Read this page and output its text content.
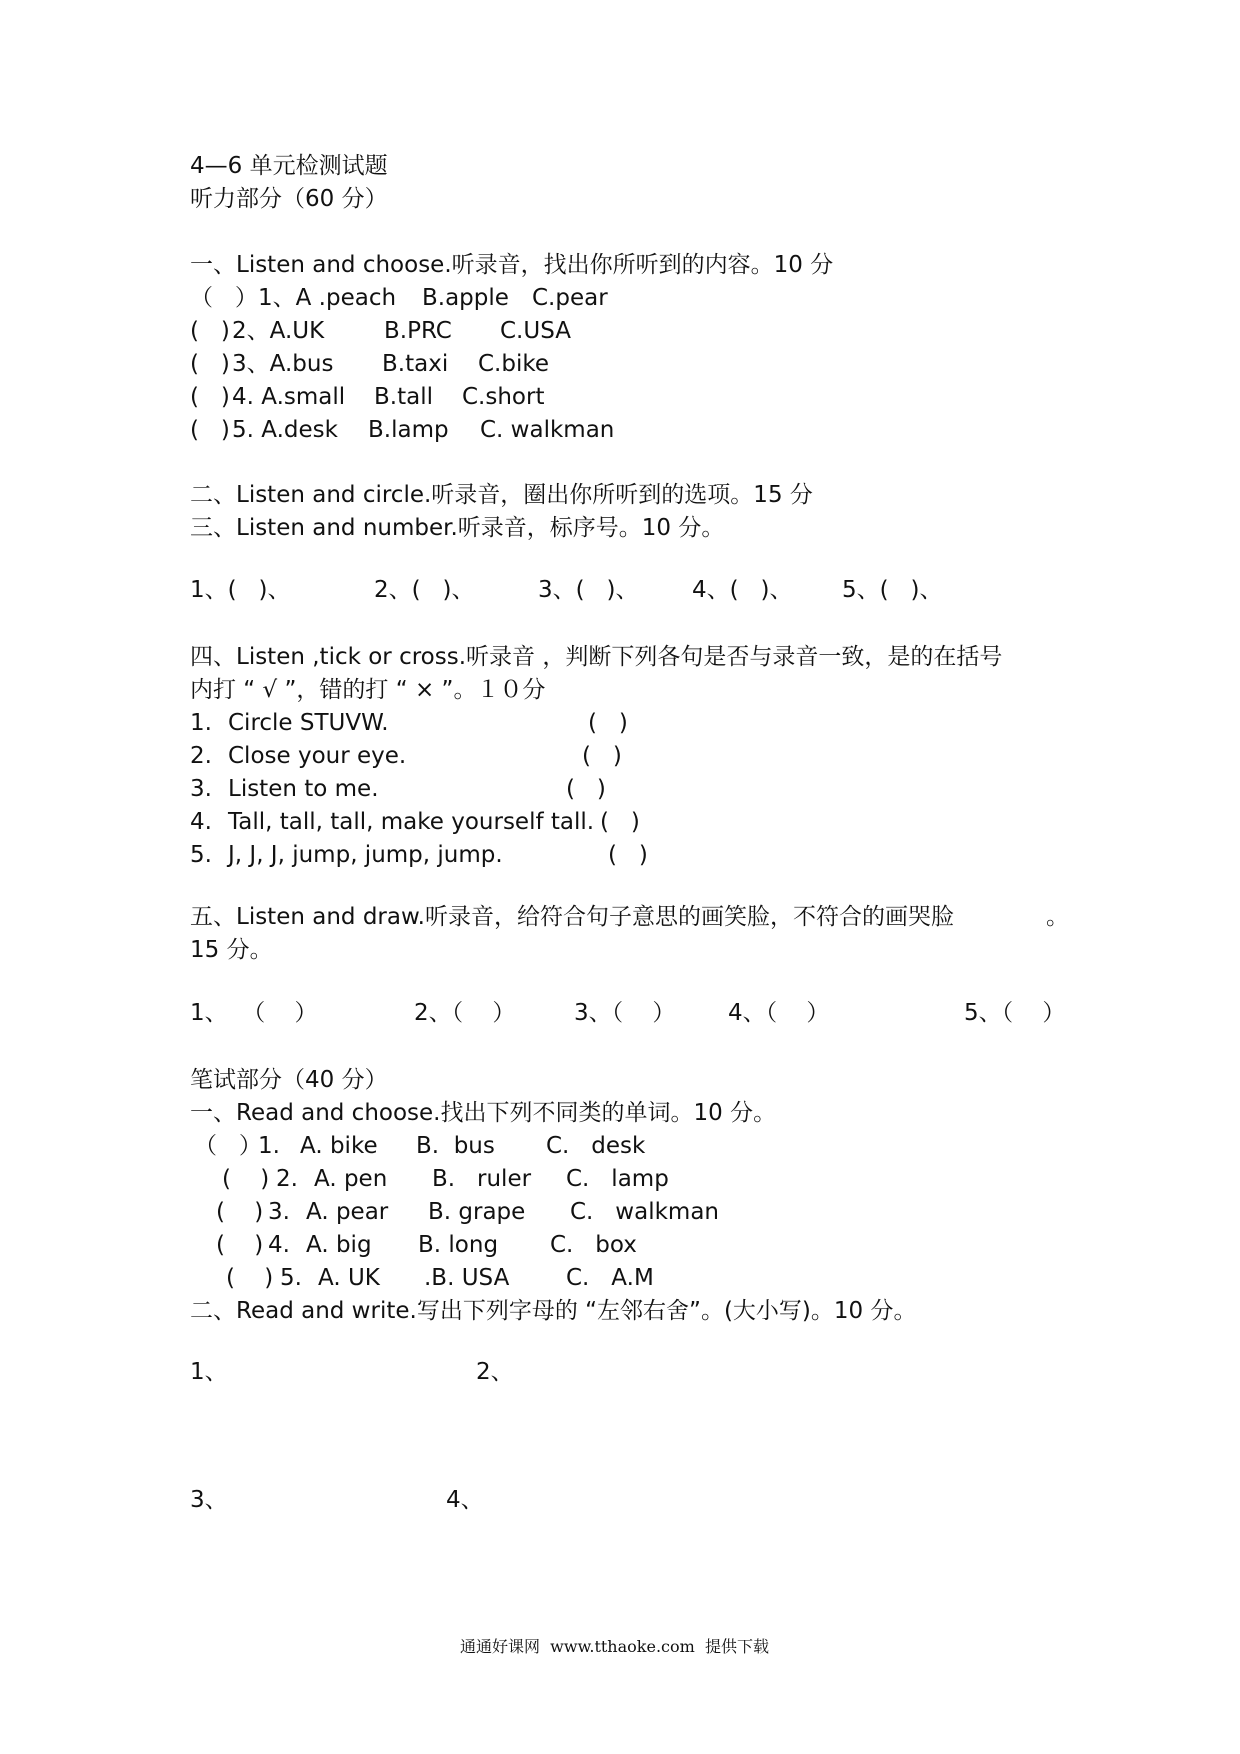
4—6 单元检测试题
听力部分（60 分）
一、Listen and choose.听录音，找出你所听到的内容。10 分
（   ） 1、A .peach B.apple C.pear
(   ) 2、A.UK	B.PRC C.USA
(   ) 3、A.bus B.taxi C.bike
(   ) 4. A.small B.tall C.short
(   ) 5. A.desk B.lamp C. walkman
二、Listen and circle.听录音，圈出你所听到的选项。15 分
三、Listen and number.听录音，标序号。10 分。
1、(   )、	2、(   )、	3、(   )、 4、(   )、 5、(   )、
四、Listen ,tick or cross.听录音 ，判断下列各句是否与录音一致，是的在括号
内打 “ √ ”，错的打 “ × ”。１０分
1. Circle STUVW.	(   )
2. Close your eye.	(   )
3. Listen to me.	(   )
4. Tall, tall, tall, make yourself tall. (   )
5. J, J, J, jump, jump, jump.	(   )
五、Listen and draw.听录音，给符合句子意思的画笑脸，不符合的画哭脸	。
15 分。
1、  （    ）	2、（    ）	3、（    ） 4、（    ）	5、（    ）
笔试部分（40 分）
一、Read and choose.找出下列不同类的单词。10 分。
（   ）
1. A. bike B.  bus C.   desk
(    ) 2. A. pen B.   ruler C.   lamp
(    ) 3. A. pear B. grape C.   walkman
(    ) 4. A. big B. long C.   box
(    ) 5. A. UK .B. USA C.   A.M
二、Read and write.写出下列字母的 “左邻右舍”。(大小写)。10 分。
1、	2、
3、	4、
通通好课网  www.tthaoke.com  提供下载
